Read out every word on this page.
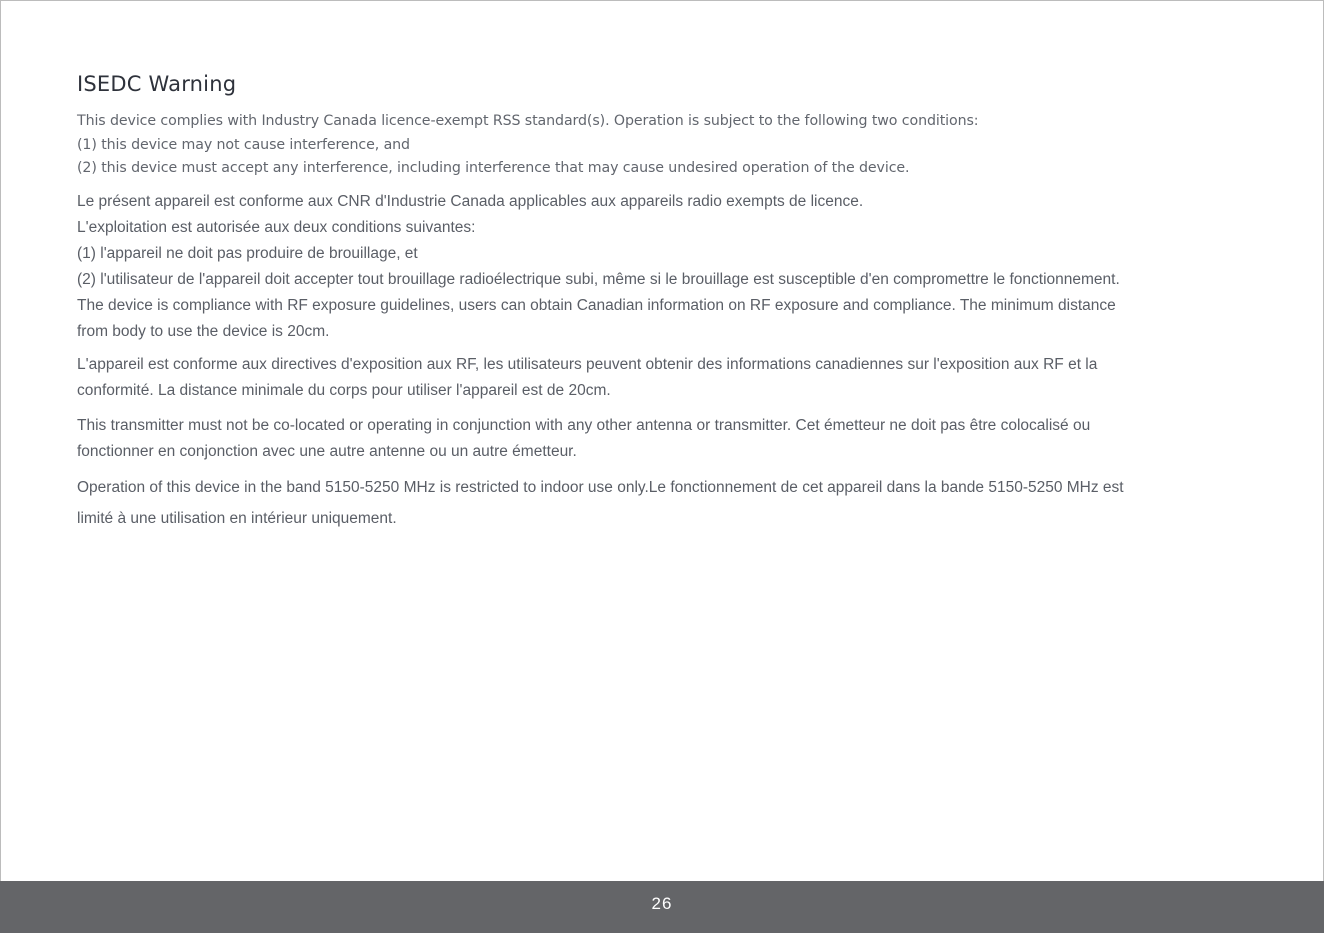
ISEDC Warning
This device complies with Industry Canada licence-exempt RSS standard(s). Operation is subject to the following two conditions:
(1) this device may not cause interference, and
(2) this device must accept any interference, including interference that may cause undesired operation of the device.
Le présent appareil est conforme aux CNR d'Industrie Canada applicables aux appareils radio exempts de licence.
L'exploitation est autorisée aux deux conditions suivantes:
(1) l'appareil ne doit pas produire de brouillage, et
(2) l'utilisateur de l'appareil doit accepter tout brouillage radioélectrique subi, même si le brouillage est susceptible d'en compromettre le fonctionnement.
The device is compliance with RF exposure guidelines, users can obtain Canadian information on RF exposure and compliance. The minimum distance
from body to use the device is 20cm.
L'appareil est conforme aux directives d'exposition aux RF, les utilisateurs peuvent obtenir des informations canadiennes sur l'exposition aux RF et la
conformité. La distance minimale du corps pour utiliser l'appareil est de 20cm.
This transmitter must not be co-located or operating in conjunction with any other antenna or transmitter. Cet émetteur ne doit pas être colocalisé ou
fonctionner en conjonction avec une autre antenne ou un autre émetteur.
Operation of this device in the band 5150-5250 MHz is restricted to indoor use only.Le fonctionnement de cet appareil dans la bande 5150-5250 MHz est
limité à une utilisation en intérieur uniquement.
26
